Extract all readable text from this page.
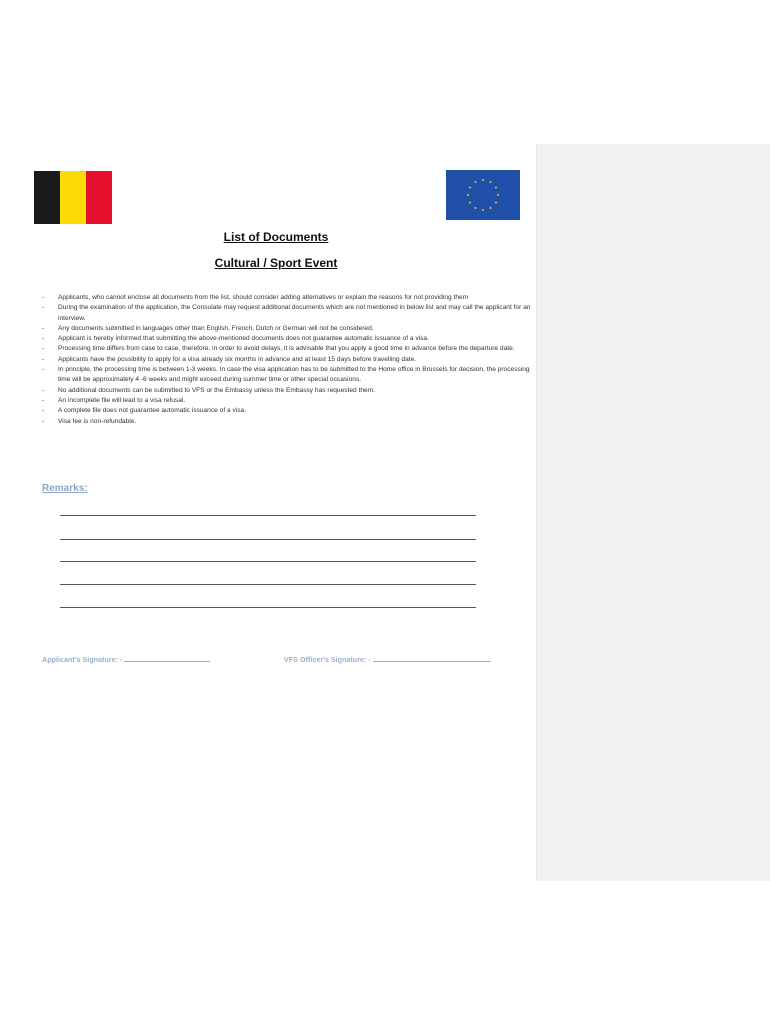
List of Documents
Cultural / Sport Event
- Applicants, who cannot enclose all documents from the list, should consider adding alternatives or explain the reasons for not providing them
- During the examination of the application, the Consulate may request additional documents which are not mentioned in below list and may call the applicant for an interview.
- Any documents submitted in languages other than English, French, Dutch or German will not be considered.
- Applicant is hereby informed that submitting the above-mentioned documents does not guarantee automatic issuance of a visa.
- Processing time differs from case to case, therefore, in order to avoid delays, it is advisable that you apply a good time in advance before the departure date.
- Applicants have the possibility to apply for a visa already six months in advance and at least 15 days before travelling date.
- In principle, the processing time is between 1-3 weeks. In case the visa application has to be submitted to the Home office in Brussels for decision, the processing time will be approximately 4 -6 weeks and might exceed during summer time or other special occasions.
- No additional documents can be submitted to VFS or the Embassy unless the Embassy has requested them.
- An incomplete file will lead to a visa refusal.
- A complete file does not guarantee automatic issuance of a visa.
- Visa fee is non-refundable.
Remarks:
Applicant's Signature: -	VFS Officer's Signature: -
